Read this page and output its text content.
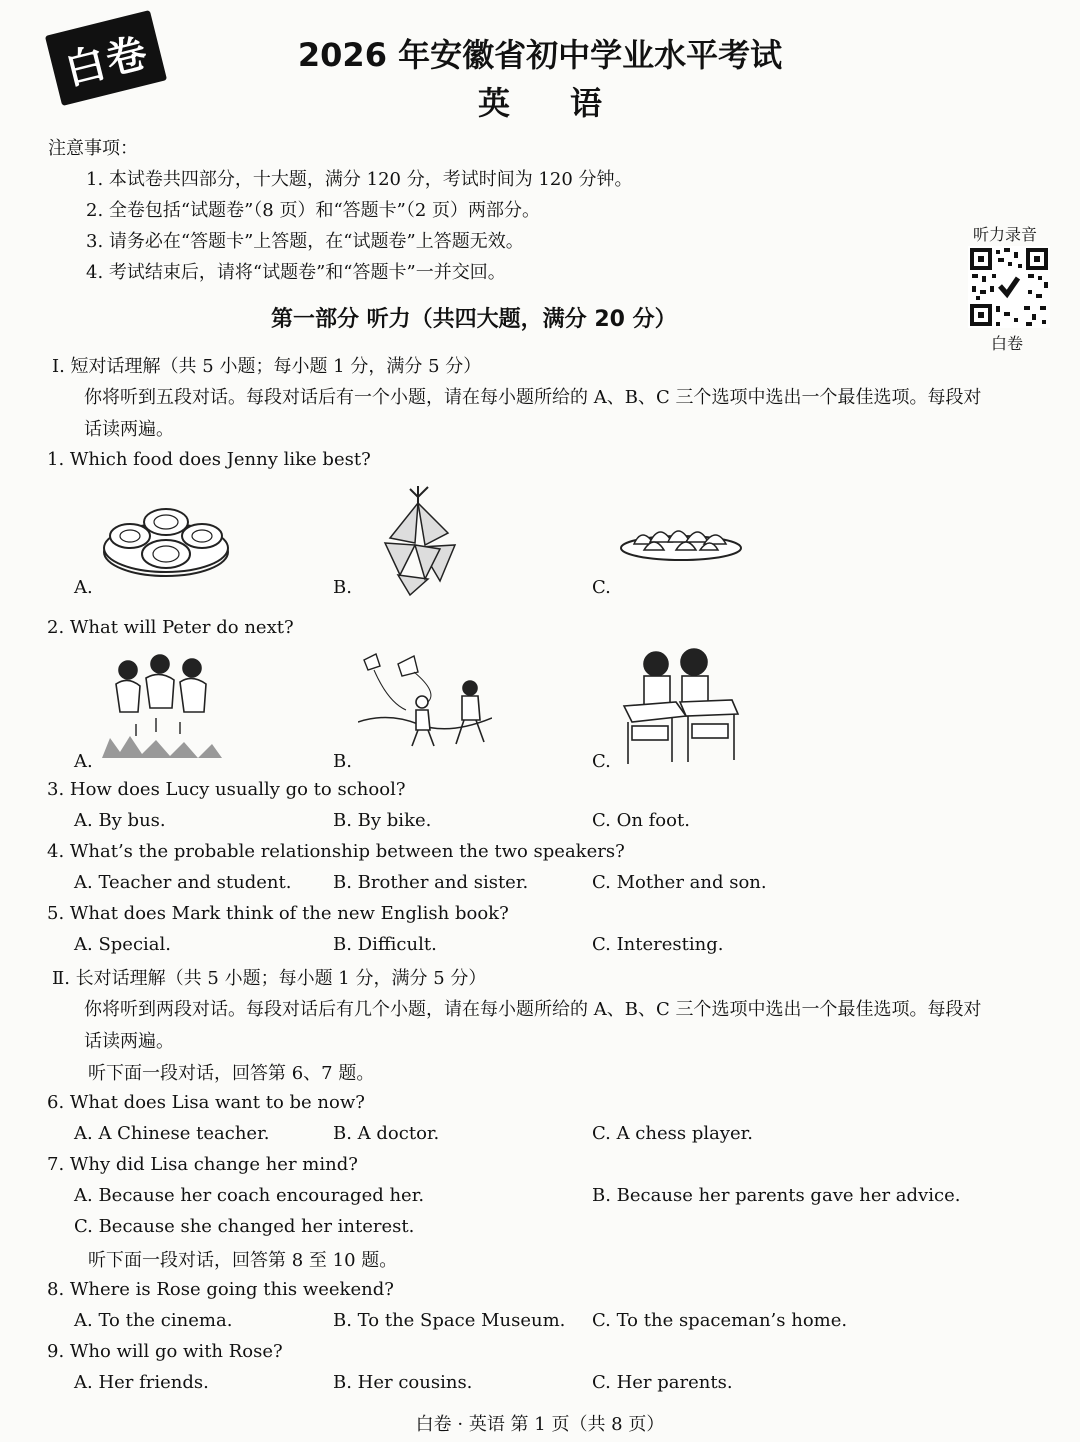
白卷	2026 年安徽省初中学业水平考试
英语
注意事项：
1. 本试卷共四部分，十大题，满分 120 分，考试时间为 120 分钟。
2. 全卷包括“试题卷”（8 页）和“答题卡”（2 页）两部分。
3. 请务必在“答题卡”上答题，在“试题卷”上答题无效。
4. 考试结束后，请将“试题卷”和“答题卡”一并交回。
听力录音
白卷
第一部分 听力（共四大题，满分 20 分）
Ⅰ. 短对话理解（共 5 小题；每小题 1 分，满分 5 分）
你将听到五段对话。每段对话后有一个小题，请在每小题所给的 A、B、C 三个选项中选出一个最佳选项。每段对
话读两遍。
1. Which food does Jenny like best?
A.	B.	C.
2. What will Peter do next?
A.	B.	C.
3. How does Lucy usually go to school?
A. By bus.	B. By bike.	C. On foot.
4. What’s the probable relationship between the two speakers?
A. Teacher and student. B. Brother and sister.	C. Mother and son.
5. What does Mark think of the new English book?
A. Special.	B. Difficult.	C. Interesting.
Ⅱ. 长对话理解（共 5 小题；每小题 1 分，满分 5 分）
你将听到两段对话。每段对话后有几个小题，请在每小题所给的 A、B、C 三个选项中选出一个最佳选项。每段对
话读两遍。
听下面一段对话，回答第 6、7 题。
6. What does Lisa want to be now?
A. A Chinese teacher.	B. A doctor.	C. A chess player.
7. Why did Lisa change her mind?
A. Because her coach encouraged her.	B. Because her parents gave her advice.
C. Because she changed her interest.
听下面一段对话，回答第 8 至 10 题。
8. Where is Rose going this weekend?
A. To the cinema.	B. To the Space Museum. C. To the spaceman’s home.
9. Who will go with Rose?
A. Her friends.	B. Her cousins.	C. Her parents.
白卷 · 英语 第 1 页（共 8 页）
